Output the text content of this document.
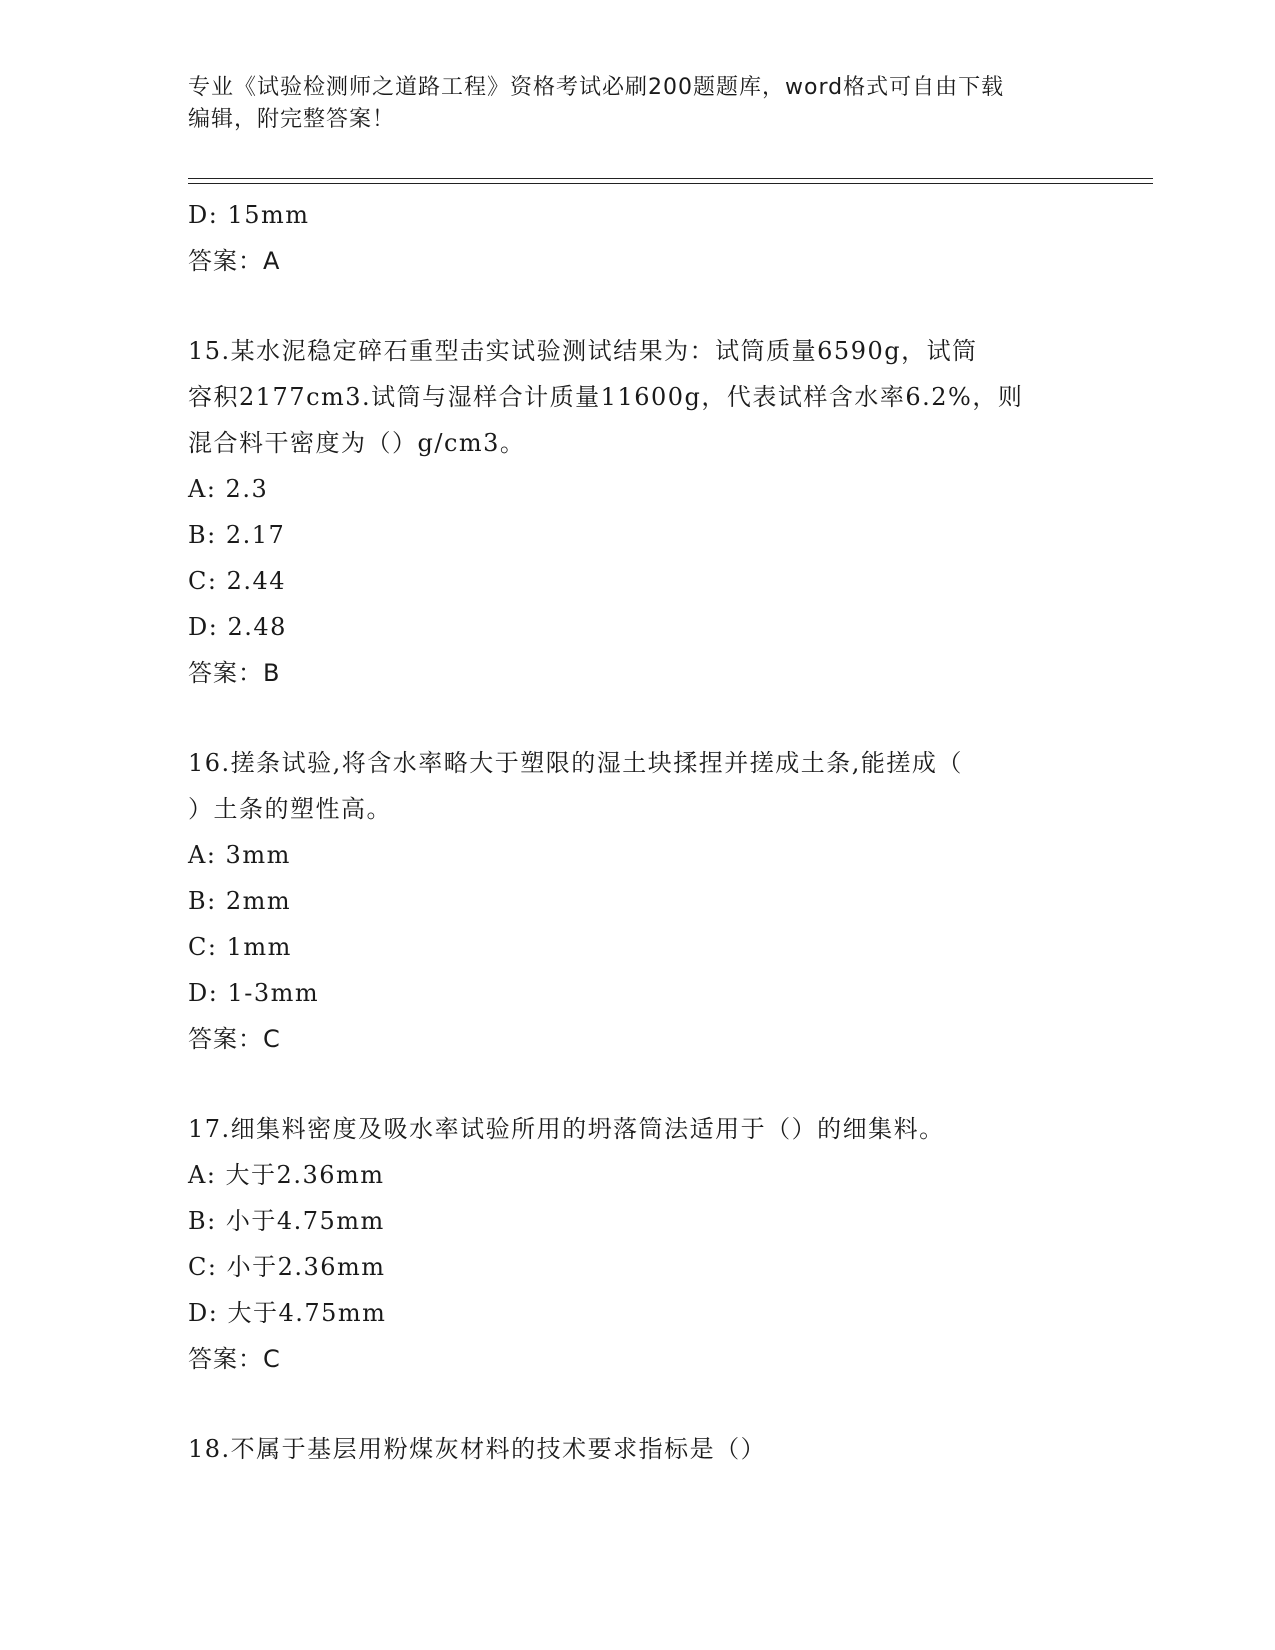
专业《试验检测师之道路工程》资格考试必刷200题题库，word格式可自由下载
编辑，附完整答案！
D: 15mm
答案：A
15.某水泥稳定碎石重型击实试验测试结果为：试筒质量6590g，试筒
容积2177cm3.试筒与湿样合计质量11600g，代表试样含水率6.2%，则
混合料干密度为（）g/cm3。
A: 2.3
B: 2.17
C: 2.44
D: 2.48
答案：B
16.搓条试验,将含水率略大于塑限的湿土块揉捏并搓成土条,能搓成（
）土条的塑性高。
A: 3mm
B: 2mm
C: 1mm
D: 1-3mm
答案：C
17.细集料密度及吸水率试验所用的坍落筒法适用于（）的细集料。
A: 大于2.36mm
B: 小于4.75mm
C: 小于2.36mm
D: 大于4.75mm
答案：C
18.不属于基层用粉煤灰材料的技术要求指标是（）
